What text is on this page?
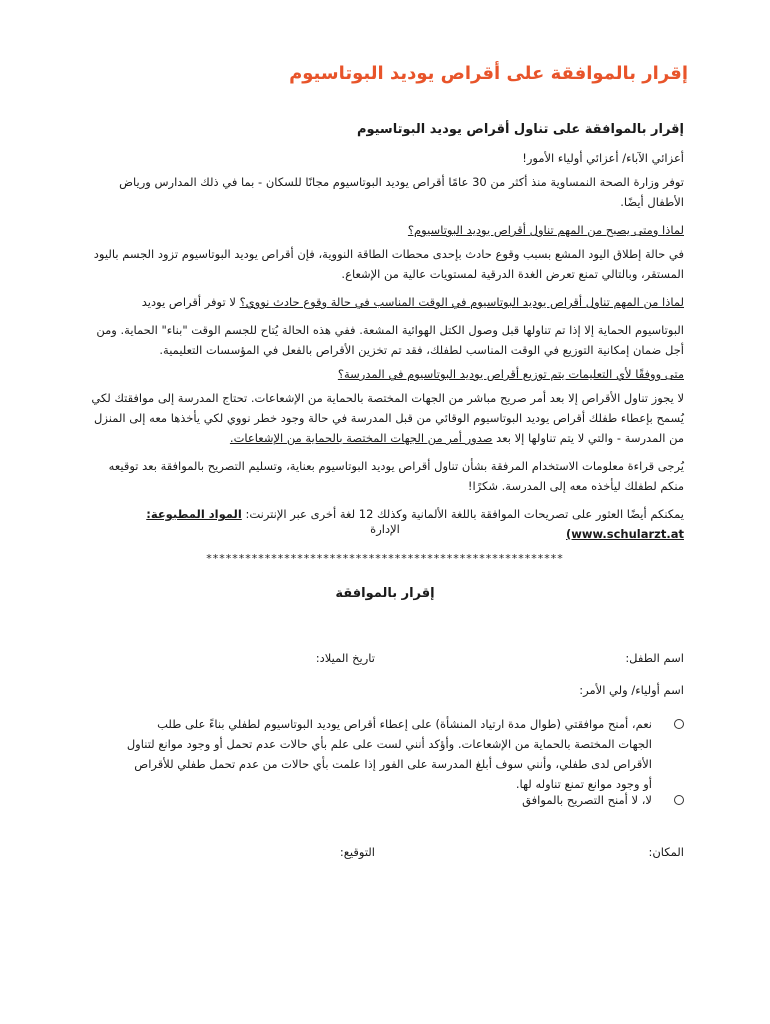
إقرار بالموافقة على أقراص يوديد البوتاسيوم

إقرار بالموافقة على تناول أقراص يوديد البوتاسيوم

أعزائي الآباء/ أعزائي أولياء الأمور!

توفر وزارة الصحة النمساوية منذ أكثر من 30 عامًا أقراص يوديد البوتاسيوم مجانًا للسكان - بما في ذلك المدارس ورياض الأطفال أيضًا.

لماذا ومتى يصبح من المهم تناول أقراص يوديد البوتاسيوم؟

في حالة إطلاق اليود المشع بسبب وقوع حادث بإحدى محطات الطاقة النووية، فإن أقراص يوديد البوتاسيوم تزود الجسم باليود المستقر، وبالتالي تمنع تعرض الغدة الدرقية لمستويات عالية من الإشعاع.

لماذا من المهم تناول أقراص يوديد البوتاسيوم في الوقت المناسب في حالة وقوع حادث نووي؟ لا توفر أقراص يوديد

البوتاسيوم الحماية إلا إذا تم تناولها قبل وصول الكتل الهوائية المشعة. ففي هذه الحالة يُتاح للجسم الوقت "بناء" الحماية. ومن أجل ضمان إمكانية التوزيع في الوقت المناسب لطفلك، فقد تم تخزين الأقراص بالفعل في المؤسسات التعليمية.

متى ووفقًا لأي التعليمات يتم توزيع أقراص يوديد البوتاسيوم في المدرسة؟

لا يجوز تناول الأقراص إلا بعد أمر صريح مباشر من الجهات المختصة بالحماية من الإشعاعات. تحتاج المدرسة إلى موافقتك لكي يُسمح بإعطاء طفلك أقراص يوديد البوتاسيوم الوقائي من قبل المدرسة في حالة وجود خطر نووي لكي يأخذها معه إلى المنزل من المدرسة - والتي لا يتم تناولها إلا بعد صدور أمر من الجهات المختصة بالحماية من الإشعاعات.

يُرجى قراءة معلومات الاستخدام المرفقة بشأن تناول أقراص يوديد البوتاسيوم بعناية، وتسليم التصريح بالموافقة بعد توقيعه منكم لطفلك ليأخذه معه إلى المدرسة. شكرًا!

يمكنكم أيضًا العثور على تصريحات الموافقة باللغة الألمانية وكذلك 12 لغة أخرى عبر الإنترنت: المواد المطبوعة:

(www.schularzt.at

الإدارة
*******************************************************
إقرار بالموافقة
اسم الطفل:
تاريخ الميلاد:
اسم أولياء/ ولي الأمر:
نعم، أمنح موافقتي (طوال مدة ارتياد المنشأة) على إعطاء أقراص يوديد البوتاسيوم لطفلي بناءً على طلب الجهات المختصة بالحماية من الإشعاعات. وأؤكد أنني لست على علم بأي حالات عدم تحمل أو وجود موانع لتناول الأقراص لدى طفلي، وأنني سوف أبلغ المدرسة على الفور إذا علمت بأي حالات من عدم تحمل طفلي للأقراص أو وجود موانع تمنع تناوله لها.
لا، لا أمنح التصريح بالموافق
المكان:
التوقيع:
